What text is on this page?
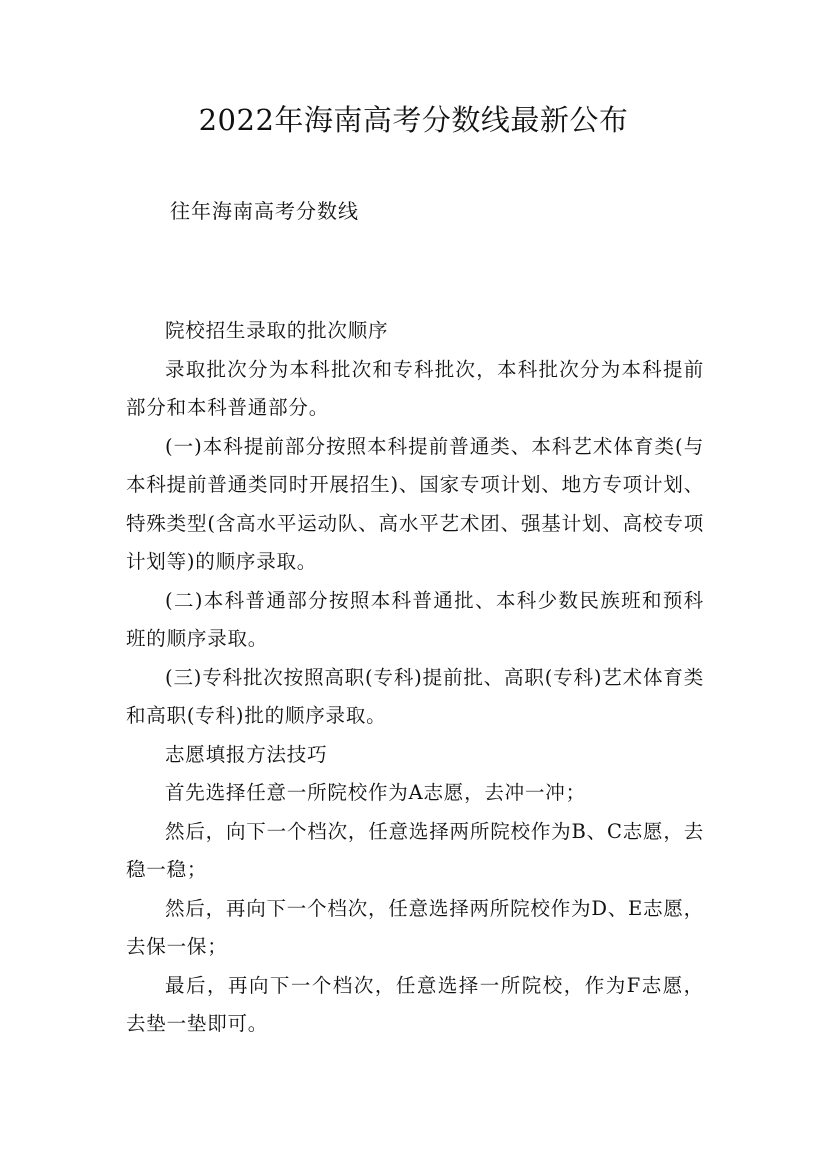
2022年海南高考分数线最新公布
往年海南高考分数线

院校招生录取的批次顺序

录取批次分为本科批次和专科批次，本科批次分为本科提前部分和本科普通部分。

(一)本科提前部分按照本科提前普通类、本科艺术体育类(与本科提前普通类同时开展招生)、国家专项计划、地方专项计划、特殊类型(含高水平运动队、高水平艺术团、强基计划、高校专项计划等)的顺序录取。

(二)本科普通部分按照本科普通批、本科少数民族班和预科班的顺序录取。

(三)专科批次按照高职(专科)提前批、高职(专科)艺术体育类和高职(专科)批的顺序录取。

志愿填报方法技巧

首先选择任意一所院校作为A志愿，去冲一冲；

然后，向下一个档次，任意选择两所院校作为B、C志愿，去稳一稳；

然后，再向下一个档次，任意选择两所院校作为D、E志愿，去保一保；

最后，再向下一个档次，任意选择一所院校，作为F志愿，去垫一垫即可。
